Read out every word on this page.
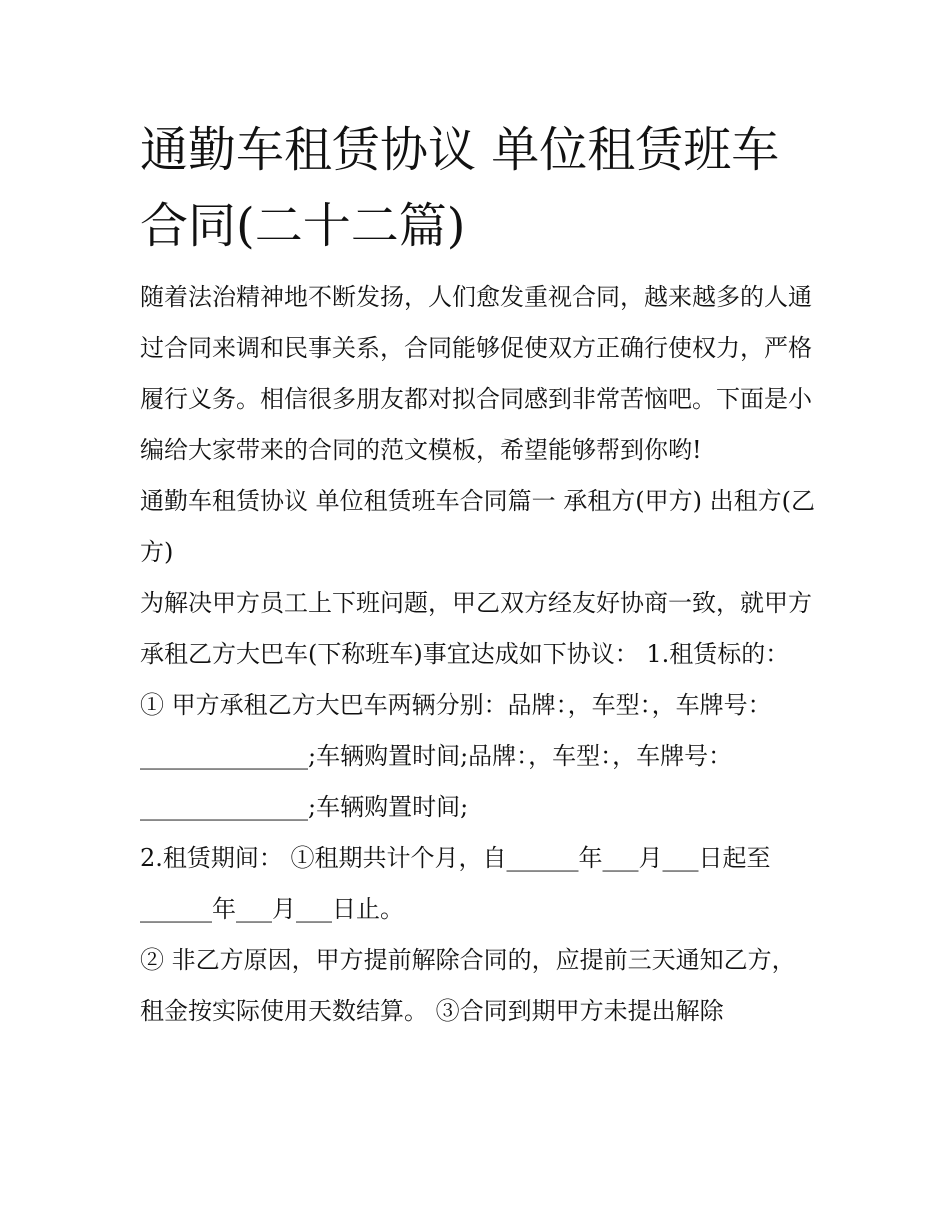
通勤车租赁协议 单位租赁班车合同(二十二篇)

随着法治精神地不断发扬，人们愈发重视合同，越来越多的人通过合同来调和民事关系，合同能够促使双方正确行使权力，严格履行义务。相信很多朋友都对拟合同感到非常苦恼吧。下面是小编给大家带来的合同的范文模板，希望能够帮到你哟!

通勤车租赁协议 单位租赁班车合同篇一 承租方(甲方) 出租方(乙方)

为解决甲方员工上下班问题，甲乙双方经友好协商一致，就甲方承租乙方大巴车(下称班车)事宜达成如下协议： 1.租赁标的：

① 甲方承租乙方大巴车两辆分别：品牌：，车型：，车牌号：______________;车辆购置时间;品牌：，车型：，车牌号：______________;车辆购置时间;

2.租赁期间： ①租期共计个月，自______年___月___日起至______年___月___日止。

② 非乙方原因，甲方提前解除合同的，应提前三天通知乙方，租金按实际使用天数结算。 ③合同到期甲方未提出解除
